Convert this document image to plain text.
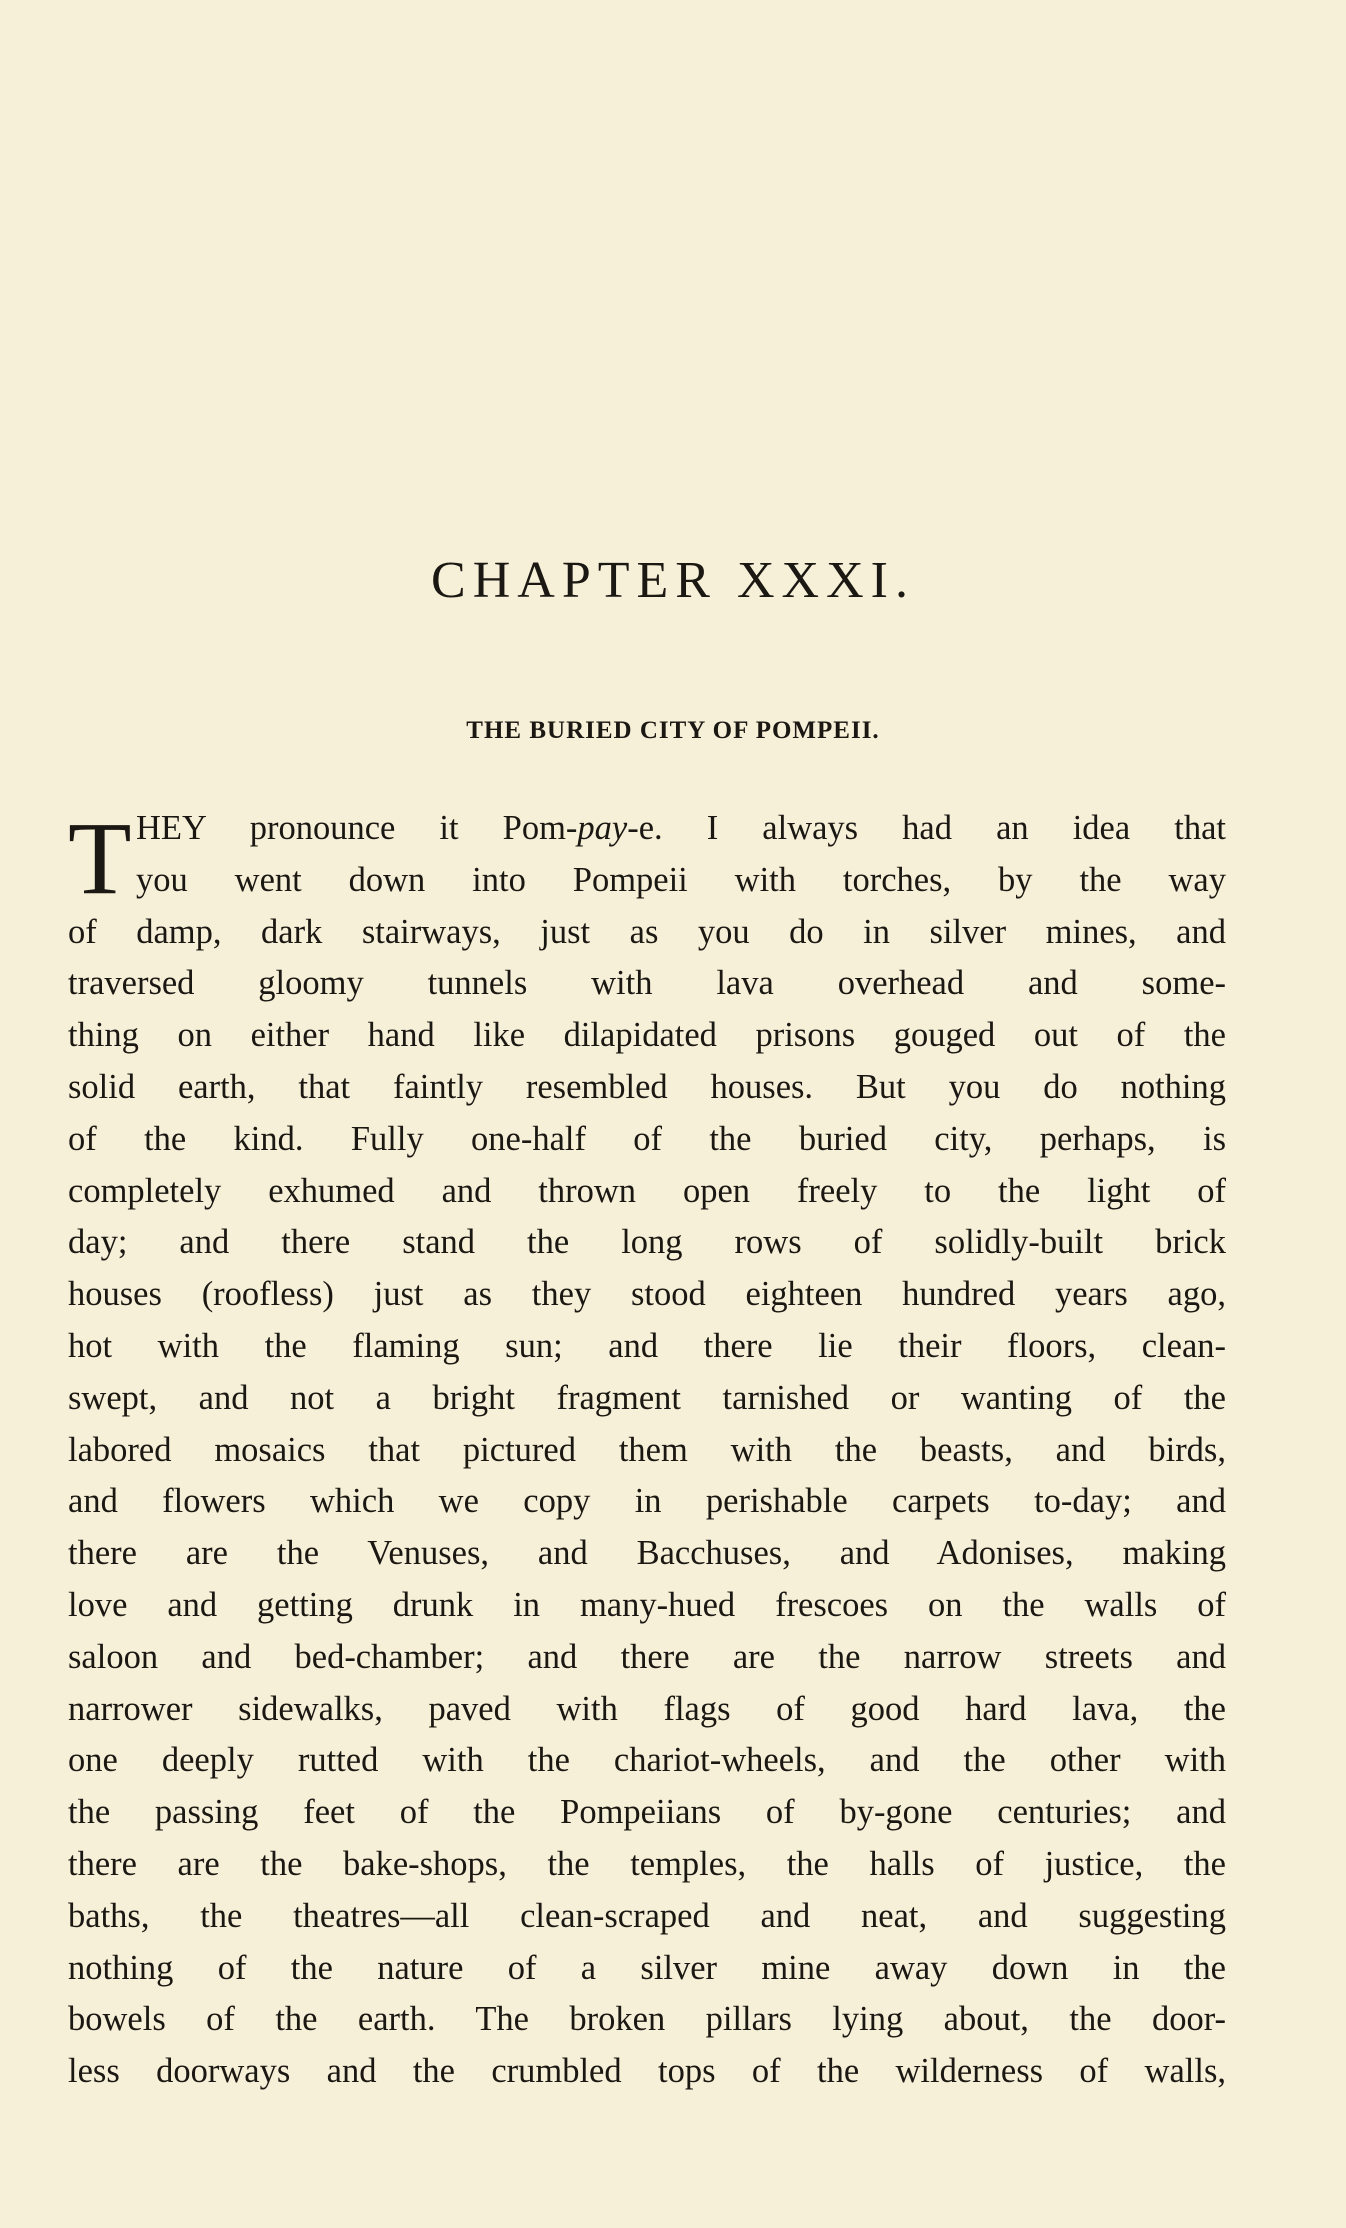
CHAPTER XXXI.
THE BURIED CITY OF POMPEII.
T HEY pronounce it Pom-pay-e. I always had an idea that
you went down into Pompeii with torches, by the way
of damp, dark stairways, just as you do in silver mines, and
traversed gloomy tunnels with lava overhead and some-
thing on either hand like dilapidated prisons gouged out of the
solid earth, that faintly resembled houses. But you do nothing
of the kind. Fully one-half of the buried city, perhaps, is
completely exhumed and thrown open freely to the light of
day; and there stand the long rows of solidly-built brick
houses (roofless) just as they stood eighteen hundred years ago,
hot with the flaming sun; and there lie their floors, clean-
swept, and not a bright fragment tarnished or wanting of the
labored mosaics that pictured them with the beasts, and birds,
and flowers which we copy in perishable carpets to-day; and
there are the Venuses, and Bacchuses, and Adonises, making
love and getting drunk in many-hued frescoes on the walls of
saloon and bed-chamber; and there are the narrow streets and
narrower sidewalks, paved with flags of good hard lava, the
one deeply rutted with the chariot-wheels, and the other with
the passing feet of the Pompeiians of by-gone centuries; and
there are the bake-shops, the temples, the halls of justice, the
baths, the theatres—all clean-scraped and neat, and suggesting
nothing of the nature of a silver mine away down in the
bowels of the earth. The broken pillars lying about, the door-
less doorways and the crumbled tops of the wilderness of walls,
